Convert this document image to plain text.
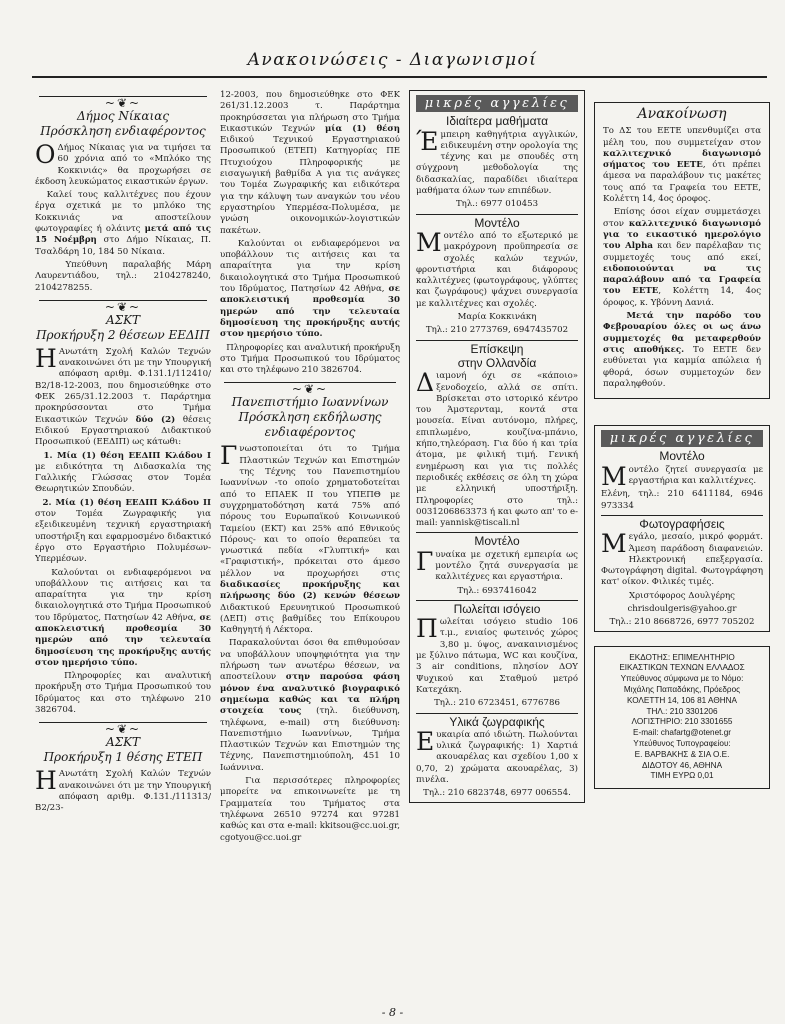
Ανακοινώσεις - Διαγωνισμοί
~❦~
Δήμος Νίκαιας
Πρόσκληση ενδιαφέροντος

Ο Δήμος Νίκαιας για να τιμήσει τα 60 χρόνια από το «Μπλόκο της Κοκκινιάς» θα προχωρήσει σε έκδοση λευκώματος εικαστικών έργων.

Καλεί τους καλλιτέχνες που έχουν έργα σχετικά με το μπλόκο της Κοκκινιάς να αποστείλουν φωτογραφίες ή ολάιντς μετά από τις 15 Νοέμβρη στο Δήμο Νίκαιας, Π. Τσαλδάρη 10, 184 50 Νίκαια.

Υπεύθυνη παραλαβής Μάρη Λαυρεντιάδου, τηλ.: 2104278240, 2104278255.

~❦~
ΑΣΚΤ
Προκήρυξη 2 θέσεων ΕΕΔΙΠ

Η Ανωτάτη Σχολή Καλών Τεχνών ανακοινώνει ότι με την Υπουργική απόφαση αριθμ. Φ.131.1/112410/Β2/18-12-2003, που δημοσιεύθηκε στο ΦΕΚ 265/31.12.2003 τ. Παράρτημα προκηρύσσονται στο Τμήμα Εικαστικών Τεχνών δύο (2) θέσεις Ειδικού Εργαστηριακού Διδακτικού Προσωπικού (ΕΕΔΙΠ) ως κάτωθι:

1. Μία (1) θέση ΕΕΔΙΠ Κλάδου Ι με ειδικότητα τη Διδασκαλία της Γαλλικής Γλώσσας στον Τομέα Θεωρητικών Σπουδών.

2. Μία (1) θέση ΕΕΔΙΠ Κλάδου ΙΙ στον Τομέα Ζωγραφικής για εξειδικευμένη τεχνική εργαστηριακή υποστήριξη και εφαρμοσμένο διδακτικό έργο στο Εργαστήριο Πολυμέσων-Υπερμέσων.

Καλούνται οι ενδιαφερόμενοι να υποβάλλουν τις αιτήσεις και τα απαραίτητα για την κρίση δικαιολογητικά στο Τμήμα Προσωπικού του Ιδρύματος, Πατησίων 42 Αθήνα, σε αποκλειστική προθεσμία 30 ημερών από την τελευταία δημοσίευση της προκήρυξης αυτής στον ημερήσιο τύπο.

Πληροφορίες και αναλυτική προκήρυξη στο Τμήμα Προσωπικού του Ιδρύματος και στο τηλέφωνο 210 3826704.

~❦~
ΑΣΚΤ
Προκήρυξη 1 θέσης ΕΤΕΠ

Η Ανωτάτη Σχολή Καλών Τεχνών ανακοινώνει ότι με την Υπουργική απόφαση αριθμ. Φ.131./111313/Β2/23-

12-2003, που δημοσιεύθηκε στο ΦΕΚ 261/31.12.2003 τ. Παράρτημα προκηρύσσεται για πλήρωση στο Τμήμα Εικαστικών Τεχνών μία (1) θέση Ειδικού Τεχνικού Εργαστηριακού Προσωπικού (ΕΤΕΠ) Κατηγορίας ΠΕ Πτυχιούχου Πληροφορικής με εισαγωγική βαθμίδα Α για τις ανάγκες του Τομέα Ζωγραφικής και ειδικότερα για την κάλυψη των αναγκών του νέου εργαστηρίου Υπερμέσα-Πολυμέσα, με γνώση οικονομικών-λογιστικών πακέτων.

Καλούνται οι ενδιαφερόμενοι να υποβάλλουν τις αιτήσεις και τα απαραίτητα για την κρίση δικαιολογητικά στο Τμήμα Προσωπικού του Ιδρύματος, Πατησίων 42 Αθήνα, σε αποκλειστική προθεσμία 30 ημερών από την τελευταία δημοσίευση της προκήρυξης αυτής στον ημερήσιο τύπο.

Πληροφορίες και αναλυτική προκήρυξη στο Τμήμα Προσωπικού του Ιδρύματος και στο τηλέφωνο 210 3826704.

~❦~
Πανεπιστήμιο Ιωαννίνων
Πρόσκληση εκδήλωσης ενδιαφέροντος

Γνωστοποιείται ότι το Τμήμα Πλαστικών Τεχνών και Επιστημών της Τέχνης του Πανεπιστημίου Ιωαννίνων -το οποίο χρηματοδοτείται από το ΕΠΑΕΚ ΙΙ του ΥΠΕΠΘ με συγχρηματοδότηση κατά 75% από πόρους του Ευρωπαϊκού Κοινωνικού Ταμείου (ΕΚΤ) και 25% από Εθνικούς Πόρους- και το οποίο θεραπεύει τα γνωστικά πεδία «Γλυπτική» και «Γραφιστική», πρόκειται στο άμεσο μέλλον να προχωρήσει στις διαδικασίες προκήρυξης και πλήρωσης δύο (2) κενών θέσεων Διδακτικού Ερευνητικού Προσωπικού (ΔΕΠ) στις βαθμίδες του Επίκουρου Καθηγητή ή Λέκτορα.

Παρακαλούνται όσοι θα επιθυμούσαν να υποβάλλουν υποψηφιότητα για την πλήρωση των ανωτέρω θέσεων, να αποστείλουν στην παρούσα φάση μόνον ένα αναλυτικό βιογραφικό σημείωμα καθώς και τα πλήρη στοιχεία τους (τηλ. διεύθυνση, τηλέφωνα, e-mail) στη διεύθυνση: Πανεπιστήμιο Ιωαννίνων, Τμήμα Πλαστικών Τεχνών και Επιστημών της Τέχνης, Πανεπιστημιούπολη, 451 10 Ιωάννινα.

Για περισσότερες πληροφορίες μπορείτε να επικοινωνείτε με τη Γραμματεία του Τμήματος στα τηλέφωνα 26510 97274 και 97281 καθώς και στα e-mail: kkitsou@cc.uoi.gr, cgotyou@cc.uoi.gr

μικρές αγγελίες
Ιδιαίτερα μαθήματα

Έμπειρη καθηγήτρια αγγλικών, ειδικευμένη στην ορολογία της τέχνης και με σπουδές στη σύγχρονη μεθοδολογία της διδασκαλίας, παραδίδει ιδιαίτερα μαθήματα όλων των επιπέδων.

Τηλ.: 6977 010453
Μοντέλο

Μοντέλο από το εξωτερικό με μακρόχρονη προϋπηρεσία σε σχολές καλών τεχνών, φροντιστήρια και διάφορους καλλιτέχνες (φωτογράφους, γλύπτες και ζωγράφους) ψάχνει συνεργασία με καλλιτέχνες και σχολές.

Μαρία Κοκκινάκη
Τηλ.: 210 2773769, 6947435702
Επίσκεψη
στην Ολλανδία

Διαμονή όχι σε «κάποιο» ξενοδοχείο, αλλά σε σπίτι. Βρίσκεται στο ιστορικό κέντρο του Άμστερνταμ, κοντά στα μουσεία. Είναι αυτόνομο, πλήρες, επιπλωμένο, κουζίνα-μπάνιο, κήπο,τηλεόραση. Για δύο ή και τρία άτομα, με φιλική τιμή. Γενική ενημέρωση και για τις πολλές περιοδικές εκθέσεις σε όλη τη χώρα με ελληνική υποστήριξη. Πληροφορίες στο τηλ.: 0031206863373 ή και φωτο απ' το e-mail: yannisk@tiscali.nl

Μοντέλο

Γυναίκα με σχετική εμπειρία ως μοντέλο ζητά συνεργασία με καλλιτέχνες και εργαστήρια.

Τηλ.: 6937416042
Πωλείται ισόγειο

Πωλείται ισόγειο studio 106 τ.μ., ενιαίος φωτεινός χώρος 3,80 μ. ύψος, ανακαινισμένος με ξύλινο πάτωμα, WC και κουζίνα, 3 air conditions, πλησίον ΔΟΥ Ψυχικού και Σταθμού μετρό Κατεχάκη.

Τηλ.: 210 6723451, 6776786
Υλικά ζωγραφικής

Ευκαιρία από ιδιώτη. Πωλούνται υλικά ζωγραφικής: 1) Χαρτιά ακουαρέλας και σχεδίου 1,00 x 0,70, 2) χρώματα ακουαρέλας, 3) πινέλα.

Τηλ.: 210 6823748, 6977 006554.
Ανακοίνωση

Το ΔΣ του ΕΕΤΕ υπενθυμίζει στα μέλη του, που συμμετείχαν στον καλλιτεχνικό διαγωνισμό σήματος του ΕΕΤΕ, ότι πρέπει άμεσα να παραλάβουν τις μακέτες τους από τα Γραφεία του ΕΕΤΕ, Κολέττη 14, 4ος όροφος.

Επίσης όσοι είχαν συμμετάσχει στον καλλιτεχνικό διαγωνισμό για το εικαστικό ημερολόγιο του Alpha και δεν παρέλαβαν τις συμμετοχές τους από εκεί, ειδοποιούνται να τις παραλάβουν από τα Γραφεία του ΕΕΤΕ, Κολέττη 14, 4ος όροφος, κ. Υβόννη Δανιά.

Μετά την παρόδο του Φεβρουαρίου όλες οι ως άνω συμμετοχές θα μεταφερθούν στις αποθήκες. Το ΕΕΤΕ δεν ευθύνεται για καμμία απώλεια ή φθορά, όσων συμμετοχών δεν παραληφθούν.

μικρές αγγελίες
Μοντέλο

Μοντέλο ζητεί συνεργασία με εργαστήρια και καλλιτέχνες.

Ελένη, τηλ.: 210 6411184, 6946 973334

Φωτογραφήσεις

Μεγάλο, μεσαίο, μικρό φορμάτ. Άμεση παράδοση διαφανειών. Ηλεκτρονική επεξεργασία. Φωτογράφηση digital. Φωτογράφηση κατ' οίκον. Φιλικές τιμές.

Χριστόφορος Δουλγέρης
chrisdoulgeris@yahoo.gr
Τηλ.: 210 8668726, 6977 705202
ΕΚΔΟΤΗΣ: ΕΠΙΜΕΛΗΤΗΡΙΟ
ΕΙΚΑΣΤΙΚΩΝ ΤΕΧΝΩΝ ΕΛΛΑΔΟΣ
Υπεύθυνος σύμφωνα με το Νόμο:
Μιχάλης Παπαδάκης, Πρόεδρος
ΚΟΛΕΤΤΗ 14, 106 81 ΑΘΗΝΑ
ΤΗΛ.: 210 3301206
ΛΟΓΙΣΤΗΡΙΟ: 210 3301655
E-mail: chafartg@otenet.gr
Υπεύθυνος Τυπογραφείου:
Ε. ΒΑΡΒΑΚΗΣ & ΣΙΑ Ο.Ε.
ΔΙΔΟΤΟΥ 46, ΑΘΗΝΑ
ΤΙΜΗ ΕΥΡΩ 0,01
- 8 -
